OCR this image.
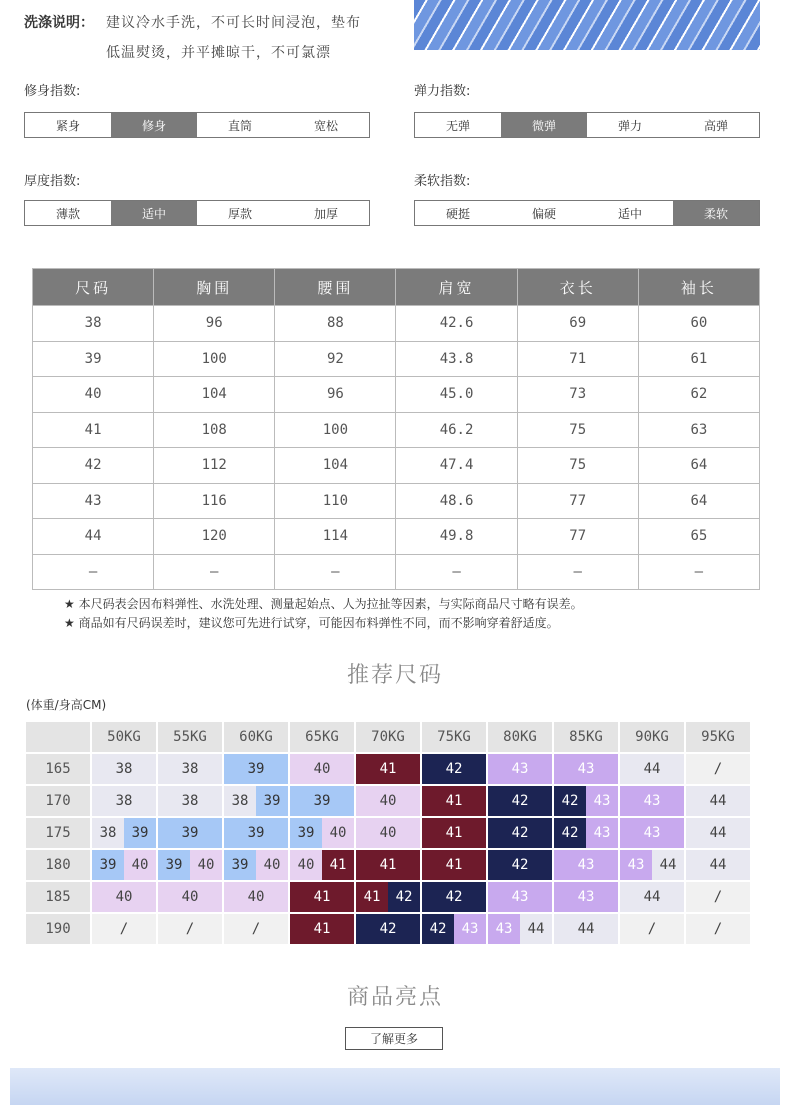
洗涤说明： 建议冷水手洗，不可长时间浸泡，垫布
低温熨烫，并平摊晾干，不可氯漂
修身指数:
紧身	修身	直筒	宽松
弹力指数:
无弹	微弹	弹力	高弹
厚度指数:
薄款	适中	厚款	加厚
柔软指数:
硬挺	偏硬	适中	柔软
尺码	胸围	腰围	肩宽	衣长	袖长
38	96	88	42.6	69	60
39	100	92	43.8	71	61
40	104	96	45.0	73	62
41	108	100	46.2	75	63
42	112	104	47.4	75	64
43	116	110	48.6	77	64
44	120	114	49.8	77	65
–	–	–	–	–	–
★ 本尺码表会因布料弹性、水洗处理、测量起始点、人为拉扯等因素，与实际商品尺寸略有误差。
★ 商品如有尺码误差时，建议您可先进行试穿，可能因布料弹性不同，而不影响穿着舒适度。
推荐尺码
(体重/身高CM)
	50KG	55KG	60KG	65KG	70KG	75KG	80KG	85KG	90KG	95KG
165	38	38	39	40	41	42	43	43	44	/
170	38	38	38 39	39	40	41	42	42 43	43	44
175	38 39	39	39	39 40	40	41	42	42 43	43	44
180	39 40	39 40	39 40	40 41	41	41	42	43	43 44	44
185	40	40	40	41	41 42	42	43	43	44	/
190	/	/	/	41	42	42 43	43 44	44	/	/
商品亮点
了解更多
